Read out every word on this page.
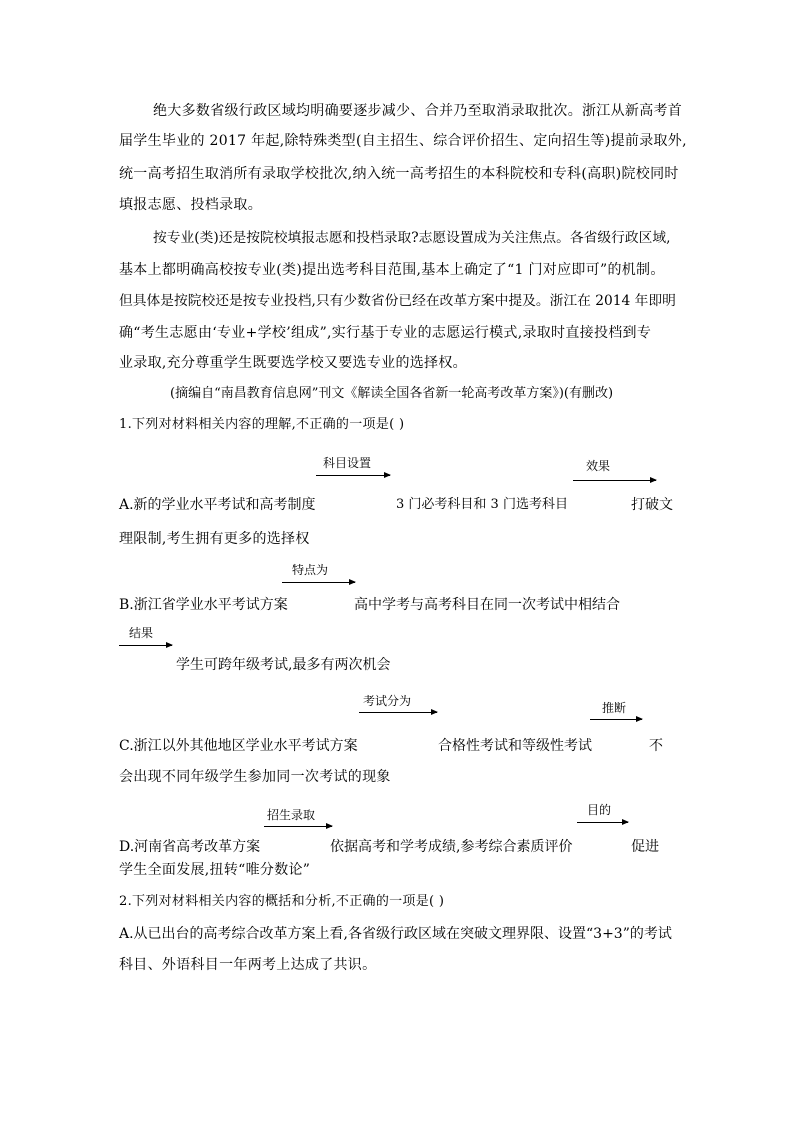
绝大多数省级行政区域均明确要逐步减少、合并乃至取消录取批次。浙江从新高考首
届学生毕业的 2017 年起,除特殊类型(自主招生、综合评价招生、定向招生等)提前录取外,
统一高考招生取消所有录取学校批次,纳入统一高考招生的本科院校和专科(高职)院校同时
填报志愿、投档录取。
按专业(类)还是按院校填报志愿和投档录取?志愿设置成为关注焦点。各省级行政区域,
基本上都明确高校按专业(类)提出选考科目范围,基本上确定了“1 门对应即可”的机制。
但具体是按院校还是按专业投档,只有少数省份已经在改革方案中提及。浙江在 2014 年即明
确“考生志愿由‘专业+学校’组成”,实行基于专业的志愿运行模式,录取时直接投档到专
业录取,充分尊重学生既要选学校又要选专业的选择权。
(摘编自“南昌教育信息网”刊文《解读全国各省新一轮高考改革方案》)(有删改)
1.下列对材料相关内容的理解,不正确的一项是( )
科目设置	效果
A.新的学业水平考试和高考制度	3 门必考科目和 3 门选考科目	打破文
理限制,考生拥有更多的选择权
特点为
B.浙江省学业水平考试方案	高中学考与高考科目在同一次考试中相结合
结果
学生可跨年级考试,最多有两次机会
考试分为	推断
C.浙江以外其他地区学业水平考试方案	合格性考试和等级性考试	不
会出现不同年级学生参加同一次考试的现象
招生录取	目的
D.河南省高考改革方案	依据高考和学考成绩,参考综合素质评价	促进
学生全面发展,扭转“唯分数论”
2.下列对材料相关内容的概括和分析,不正确的一项是( )
A.从已出台的高考综合改革方案上看,各省级行政区域在突破文理界限、设置“3+3”的考试
科目、外语科目一年两考上达成了共识。
